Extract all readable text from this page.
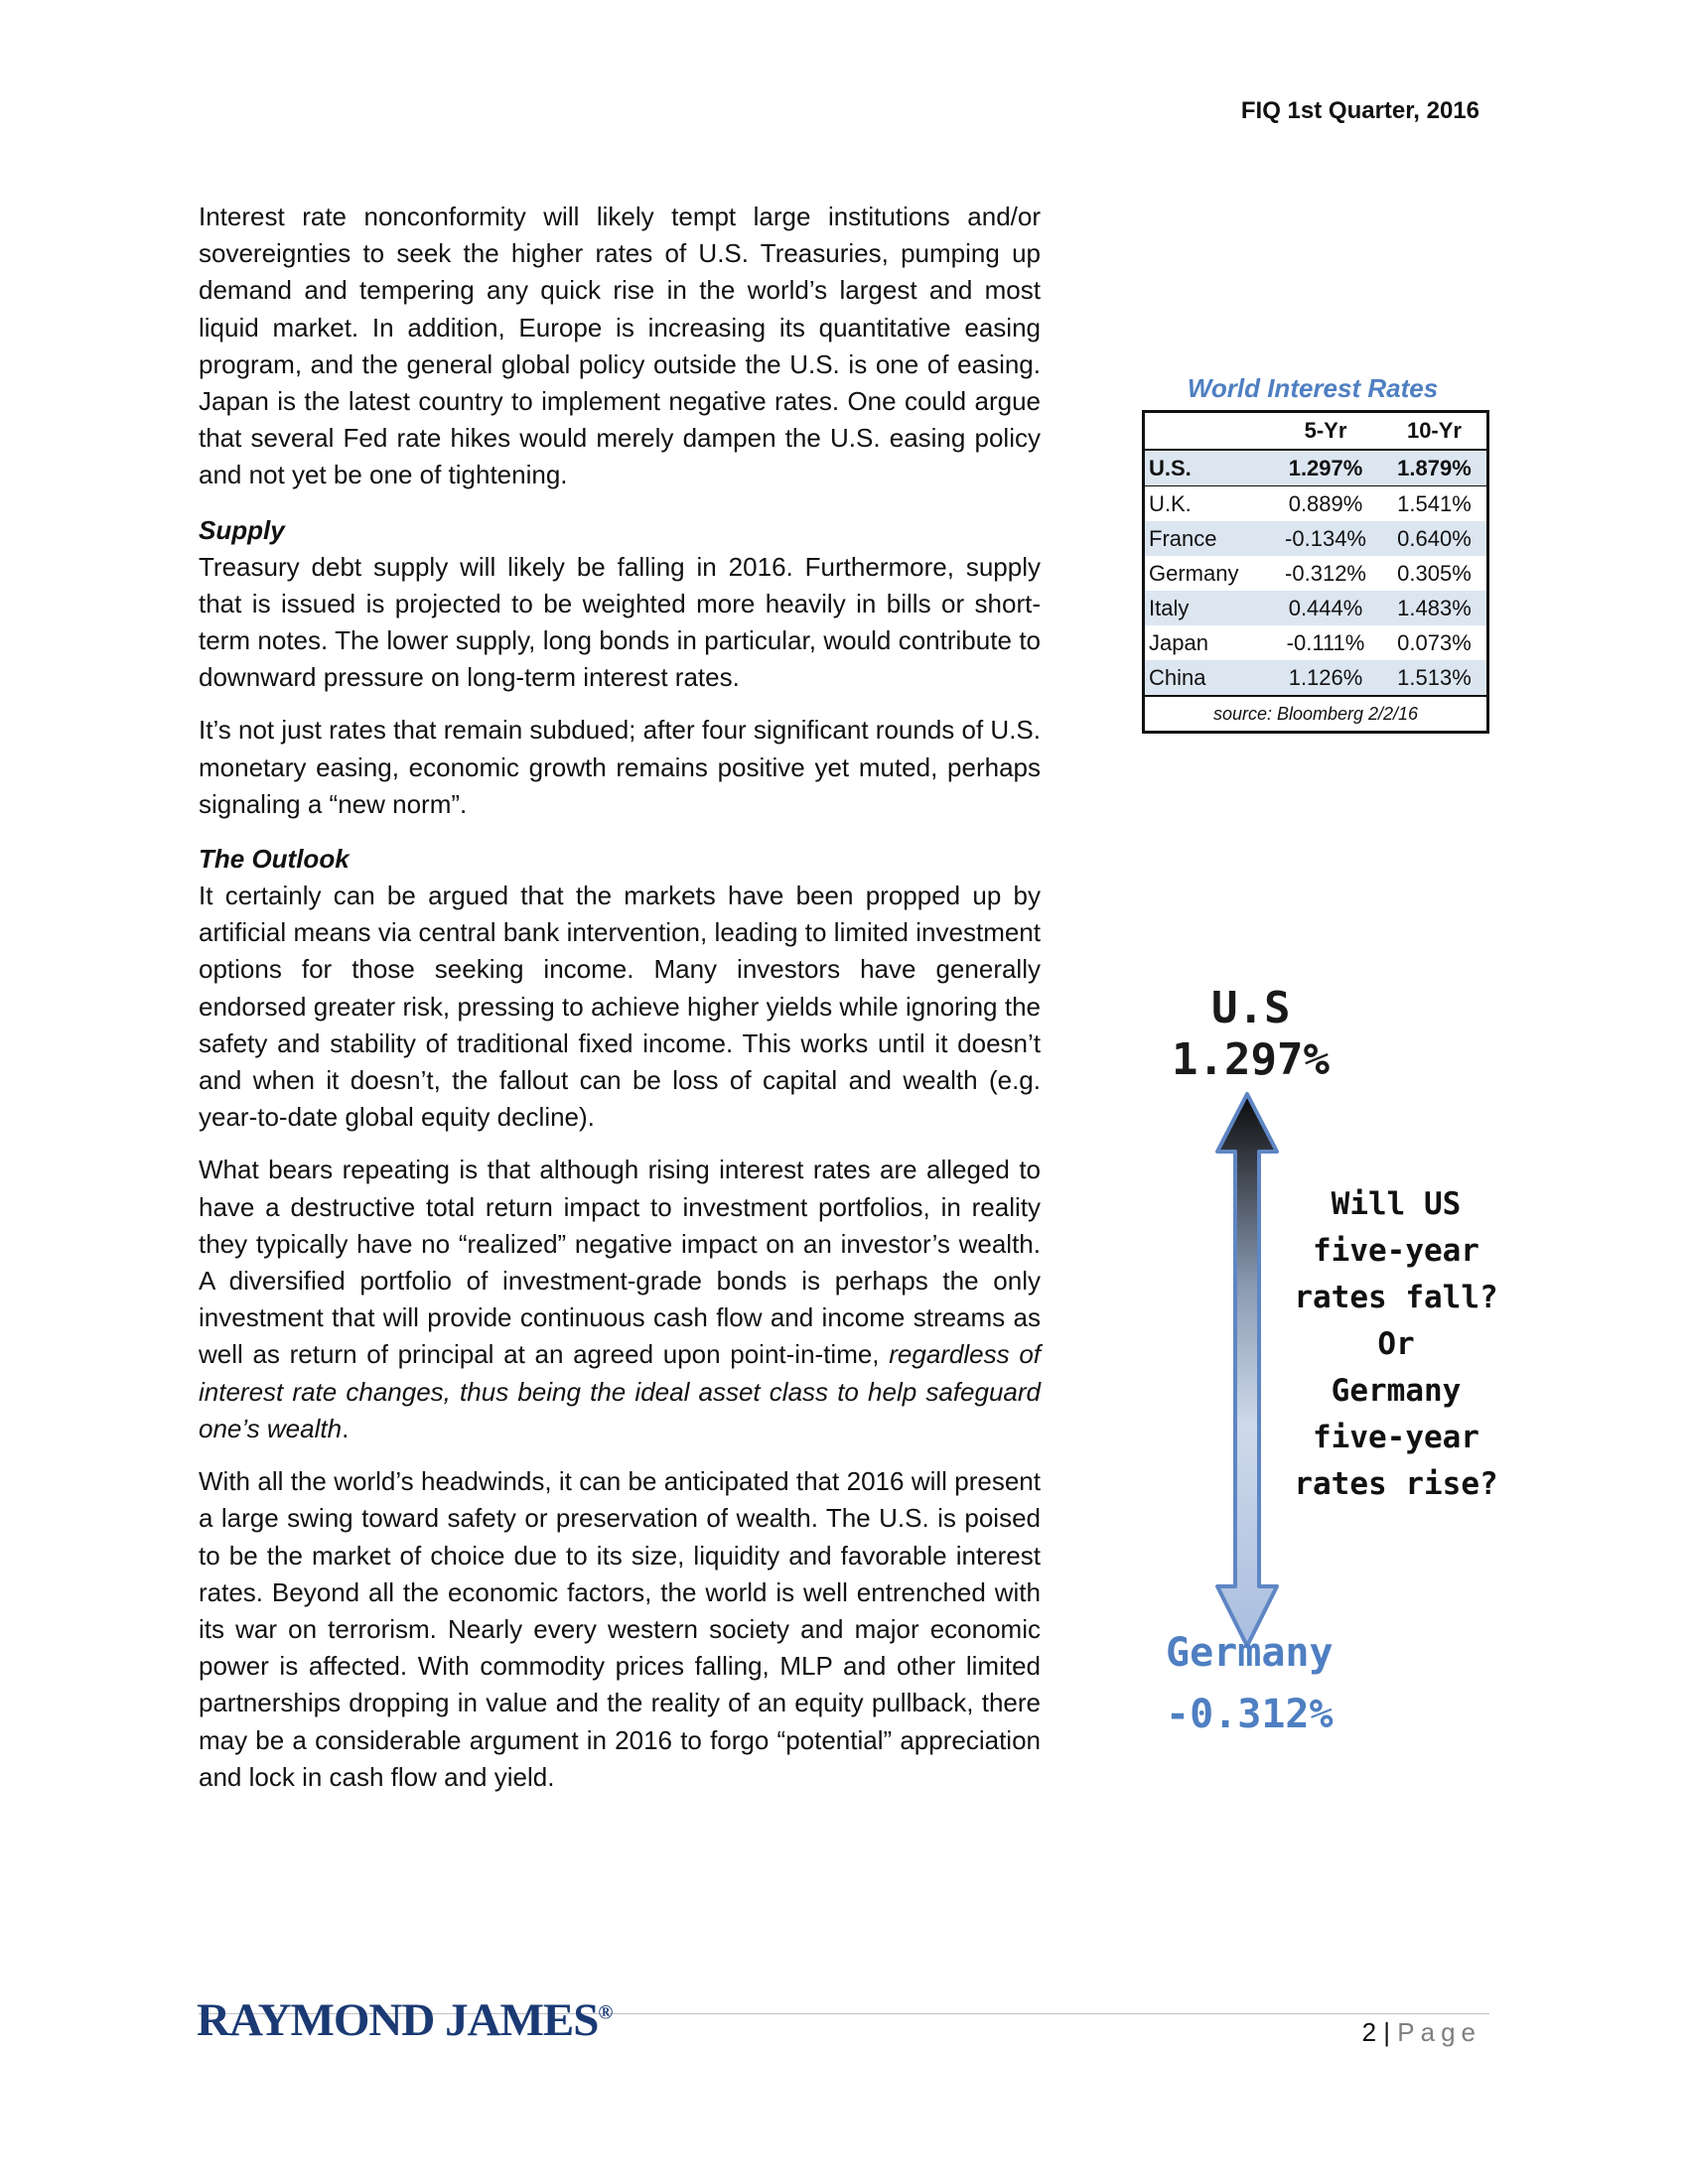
FIQ 1st Quarter, 2016

Interest rate nonconformity will likely tempt large institutions and/or sovereignties to seek the higher rates of U.S. Treasuries, pumping up demand and tempering any quick rise in the world’s largest and most liquid market. In addition, Europe is increasing its quantitative easing program, and the general global policy outside the U.S. is one of easing. Japan is the latest country to implement negative rates. One could argue that several Fed rate hikes would merely dampen the U.S. easing policy and not yet be one of tightening.

Supply

Treasury debt supply will likely be falling in 2016. Furthermore, supply that is issued is projected to be weighted more heavily in bills or short-term notes. The lower supply, long bonds in particular, would contribute to downward pressure on long-term interest rates.

It’s not just rates that remain subdued; after four significant rounds of U.S. monetary easing, economic growth remains positive yet muted, perhaps signaling a “new norm”.

The Outlook

It certainly can be argued that the markets have been propped up by artificial means via central bank intervention, leading to limited investment options for those seeking income. Many investors have generally endorsed greater risk, pressing to achieve higher yields while ignoring the safety and stability of traditional fixed income. This works until it doesn’t and when it doesn’t, the fallout can be loss of capital and wealth (e.g. year-to-date global equity decline).

What bears repeating is that although rising interest rates are alleged to have a destructive total return impact to investment portfolios, in reality they typically have no “realized” negative impact on an investor’s wealth. A diversified portfolio of investment-grade bonds is perhaps the only investment that will provide continuous cash flow and income streams as well as return of principal at an agreed upon point-in-time, regardless of interest rate changes, thus being the ideal asset class to help safeguard one’s wealth.

With all the world’s headwinds, it can be anticipated that 2016 will present a large swing toward safety or preservation of wealth. The U.S. is poised to be the market of choice due to its size, liquidity and favorable interest rates. Beyond all the economic factors, the world is well entrenched with its war on terrorism. Nearly every western society and major economic power is affected. With commodity prices falling, MLP and other limited partnerships dropping in value and the reality of an equity pullback, there may be a considerable argument in 2016 to forgo “potential” appreciation and lock in cash flow and yield.

World Interest Rates
	5-Yr	10-Yr
U.S.	1.297%	1.879%
U.K.	0.889%	1.541%
France	-0.134%	0.640%
Germany	-0.312%	0.305%
Italy	0.444%	1.483%
Japan	-0.111%	0.073%
China	1.126%	1.513%
source: Bloomberg 2/2/16		
U.S
1.297%
Will US
five-year
rates fall?
Or
Germany
five-year
rates rise?
Germany
-0.312%
RAYMOND JAMES®
2 | Page
